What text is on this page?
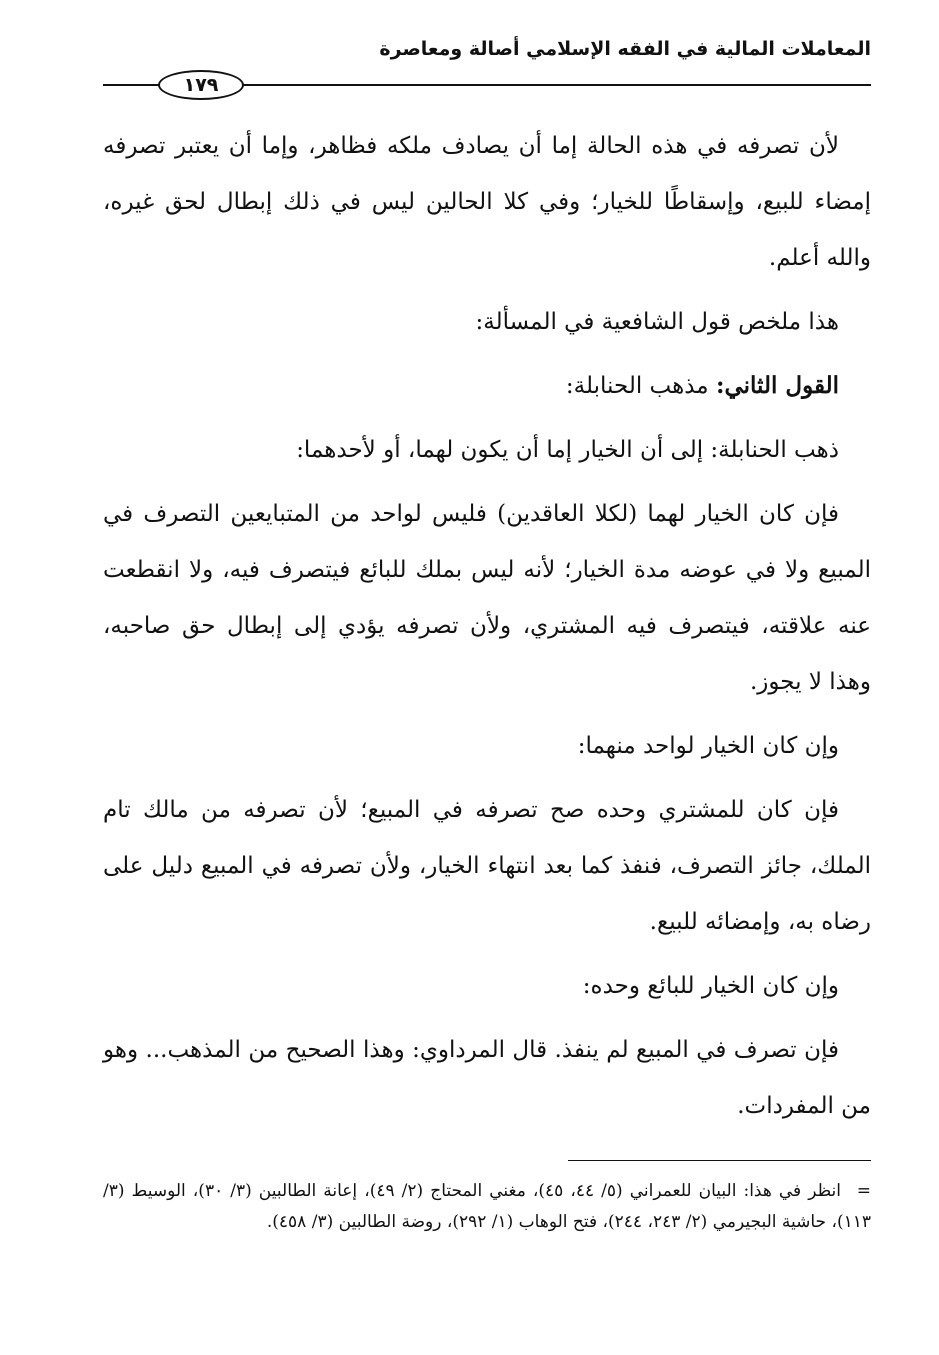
المعاملات المالية في الفقه الإسلامي أصالة ومعاصرة
١٧٩

لأن تصرفه في هذه الحالة إما أن يصادف ملكه فظاهر، وإما أن يعتبر تصرفه إمضاء للبيع، وإسقاطًا للخيار؛ وفي كلا الحالين ليس في ذلك إبطال لحق غيره، والله أعلم.

هذا ملخص قول الشافعية في المسألة:

القول الثاني: مذهب الحنابلة:

ذهب الحنابلة: إلى أن الخيار إما أن يكون لهما، أو لأحدهما:

فإن كان الخيار لهما (لكلا العاقدين) فليس لواحد من المتبايعين التصرف في المبيع ولا في عوضه مدة الخيار؛ لأنه ليس بملك للبائع فيتصرف فيه، ولا انقطعت عنه علاقته، فيتصرف فيه المشتري، ولأن تصرفه يؤدي إلى إبطال حق صاحبه، وهذا لا يجوز.

وإن كان الخيار لواحد منهما:

فإن كان للمشتري وحده صح تصرفه في المبيع؛ لأن تصرفه من مالك تام الملك، جائز التصرف، فنفذ كما بعد انتهاء الخيار، ولأن تصرفه في المبيع دليل على رضاه به، وإمضائه للبيع.

وإن كان الخيار للبائع وحده:

فإن تصرف في المبيع لم ينفذ. قال المرداوي: وهذا الصحيح من المذهب... وهو من المفردات.

=انظر في هذا: البيان للعمراني (٥/ ٤٤، ٤٥)، مغني المحتاج (٢/ ٤٩)، إعانة الطالبين (٣/ ٣٠)، الوسيط (٣/ ١١٣)، حاشية البجيرمي (٢/ ٢٤٣، ٢٤٤)، فتح الوهاب (١/ ٢٩٢)، روضة الطالبين (٣/ ٤٥٨).
